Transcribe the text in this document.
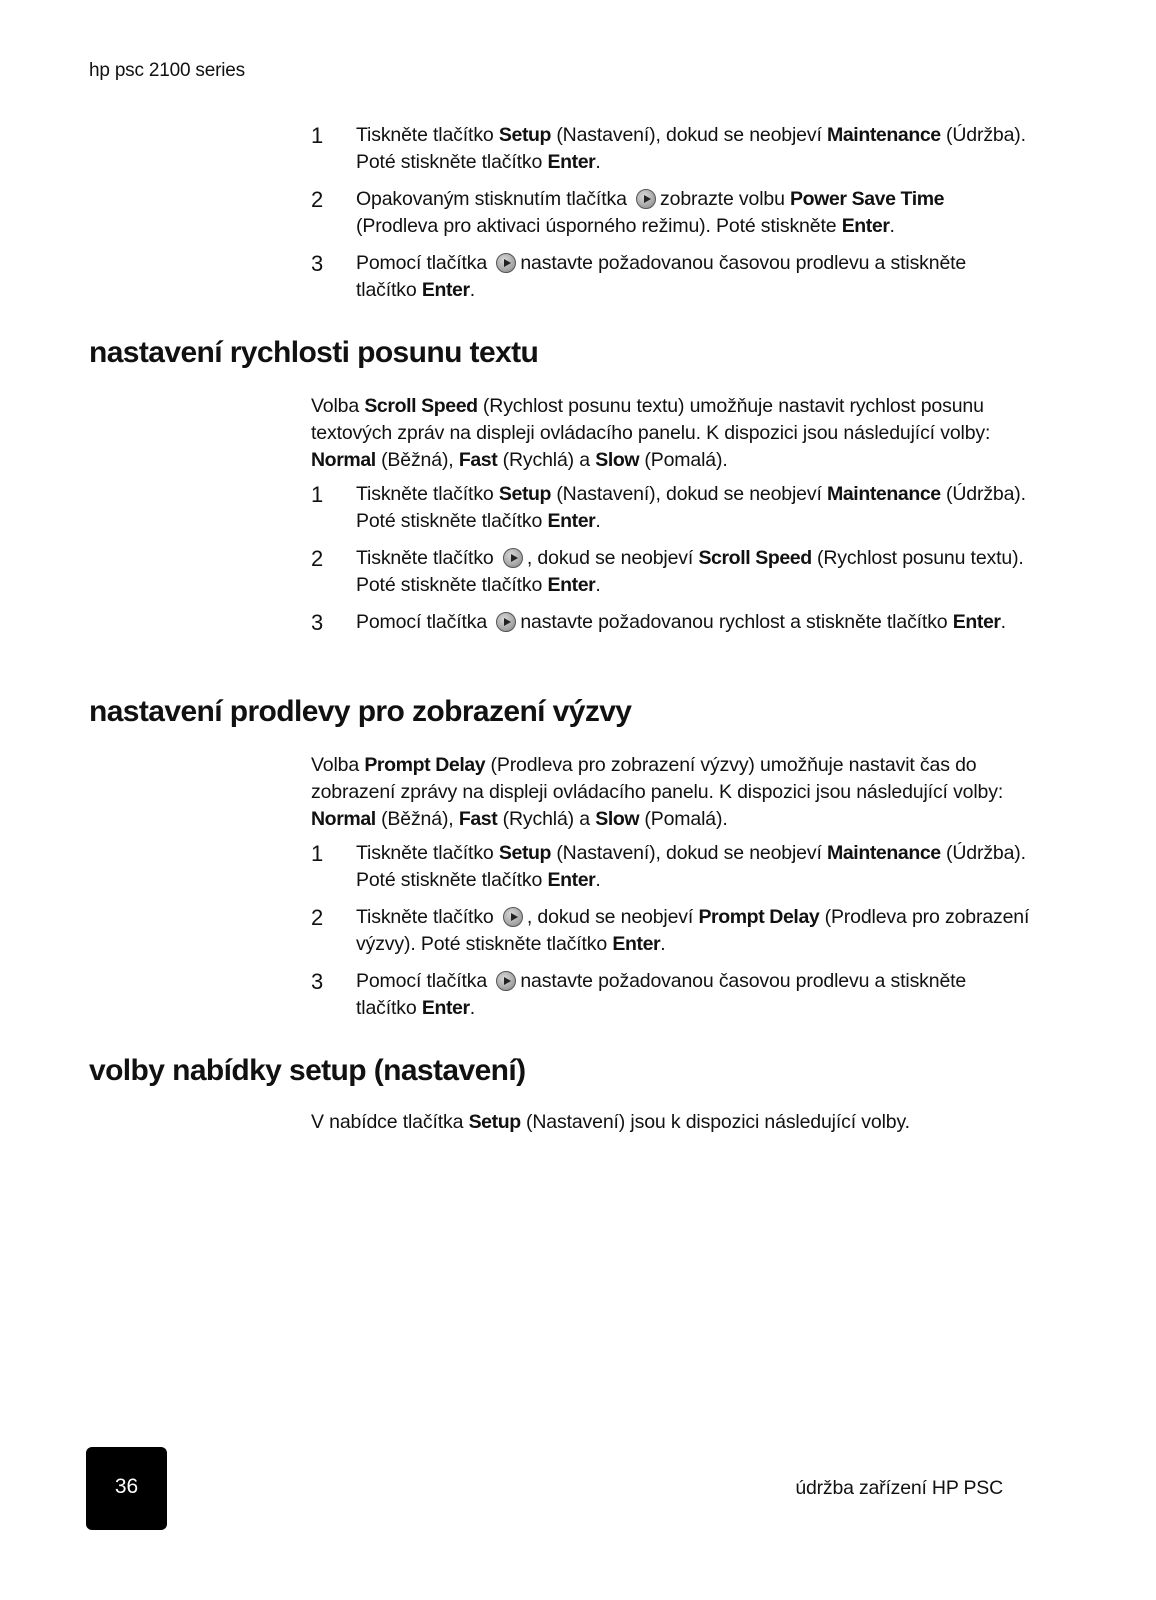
hp psc 2100 series
1	Tiskněte tlačítko Setup (Nastavení), dokud se neobjeví Maintenance (Údržba). Poté stiskněte tlačítko Enter.
2	Opakovaným stisknutím tlačítka zobrazte volbu Power Save Time (Prodleva pro aktivaci úsporného režimu). Poté stiskněte Enter.
3	Pomocí tlačítka nastavte požadovanou časovou prodlevu a stiskněte tlačítko Enter.
nastavení rychlosti posunu textu
Volba Scroll Speed (Rychlost posunu textu) umožňuje nastavit rychlost posunu textových zpráv na displeji ovládacího panelu. K dispozici jsou následující volby: Normal (Běžná), Fast (Rychlá) a Slow (Pomalá).
1	Tiskněte tlačítko Setup (Nastavení), dokud se neobjeví Maintenance (Údržba). Poté stiskněte tlačítko Enter.
2	Tiskněte tlačítko , dokud se neobjeví Scroll Speed (Rychlost posunu textu). Poté stiskněte tlačítko Enter.
3	Pomocí tlačítka nastavte požadovanou rychlost a stiskněte tlačítko Enter.
nastavení prodlevy pro zobrazení výzvy
Volba Prompt Delay (Prodleva pro zobrazení výzvy) umožňuje nastavit čas do zobrazení zprávy na displeji ovládacího panelu. K dispozici jsou následující volby: Normal (Běžná), Fast (Rychlá) a Slow (Pomalá).
1	Tiskněte tlačítko Setup (Nastavení), dokud se neobjeví Maintenance (Údržba). Poté stiskněte tlačítko Enter.
2	Tiskněte tlačítko , dokud se neobjeví Prompt Delay (Prodleva pro zobrazení výzvy). Poté stiskněte tlačítko Enter.
3	Pomocí tlačítka nastavte požadovanou časovou prodlevu a stiskněte tlačítko Enter.
volby nabídky setup (nastavení)
V nabídce tlačítka Setup (Nastavení) jsou k dispozici následující volby.
36	údržba zařízení HP PSC
